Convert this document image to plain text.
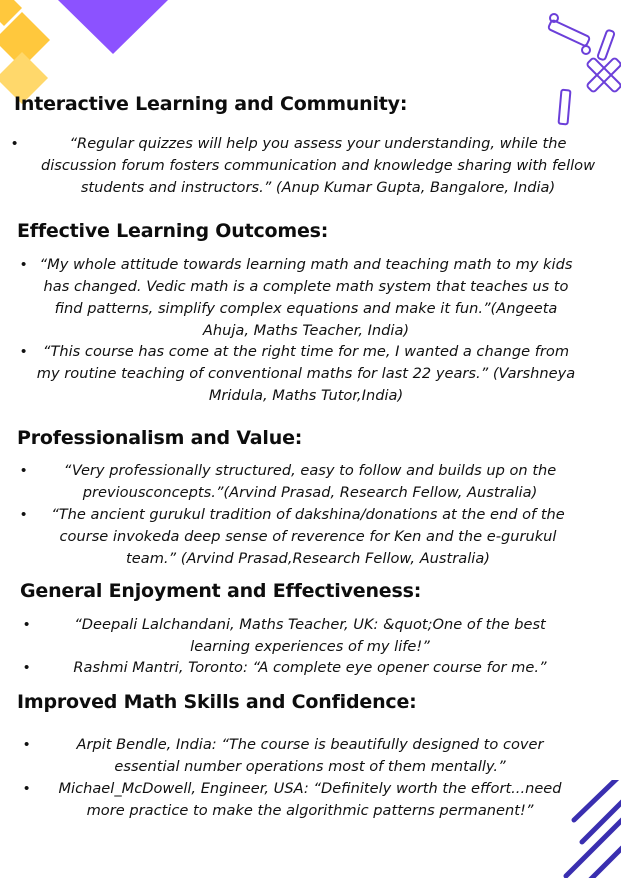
Interactive Learning and Community:
•	“Regular quizzes will help you assess your understanding, while the discussion forum fosters communication and knowledge sharing with fellow students and instructors.” (Anup Kumar Gupta, Bangalore, India)
Effective Learning Outcomes:
• “My whole attitude towards learning math and teaching math to my kids has changed. Vedic math is a complete math system that teaches us to find patterns, simplify complex equations and make it fun.”(Angeeta Ahuja, Maths Teacher, India)
•	“This course has come at the right time for me, I wanted a change from my routine teaching of conventional maths for last 22 years.” (Varshneya Mridula, Maths Tutor,India)
Professionalism and Value:
•	“Very professionally structured, easy to follow and builds up on the previousconcepts.”(Arvind Prasad, Research Fellow, Australia)
•	“The ancient gurukul tradition of dakshina/donations at the end of the course invokeda deep sense of reverence for Ken and the e-gurukul team.” (Arvind Prasad,Research Fellow, Australia)
General Enjoyment and Effectiveness:
•	“Deepali Lalchandani, Maths Teacher, UK: &quot;One of the best learning experiences of my life!”
•	Rashmi Mantri, Toronto: “A complete eye opener course for me.”
Improved Math Skills and Confidence:
•	Arpit Bendle, India: “The course is beautifully designed to cover essential number operations most of them mentally.”
•	Michael_McDowell, Engineer, USA: “Definitely worth the effort...need more practice to make the algorithmic patterns permanent!”
